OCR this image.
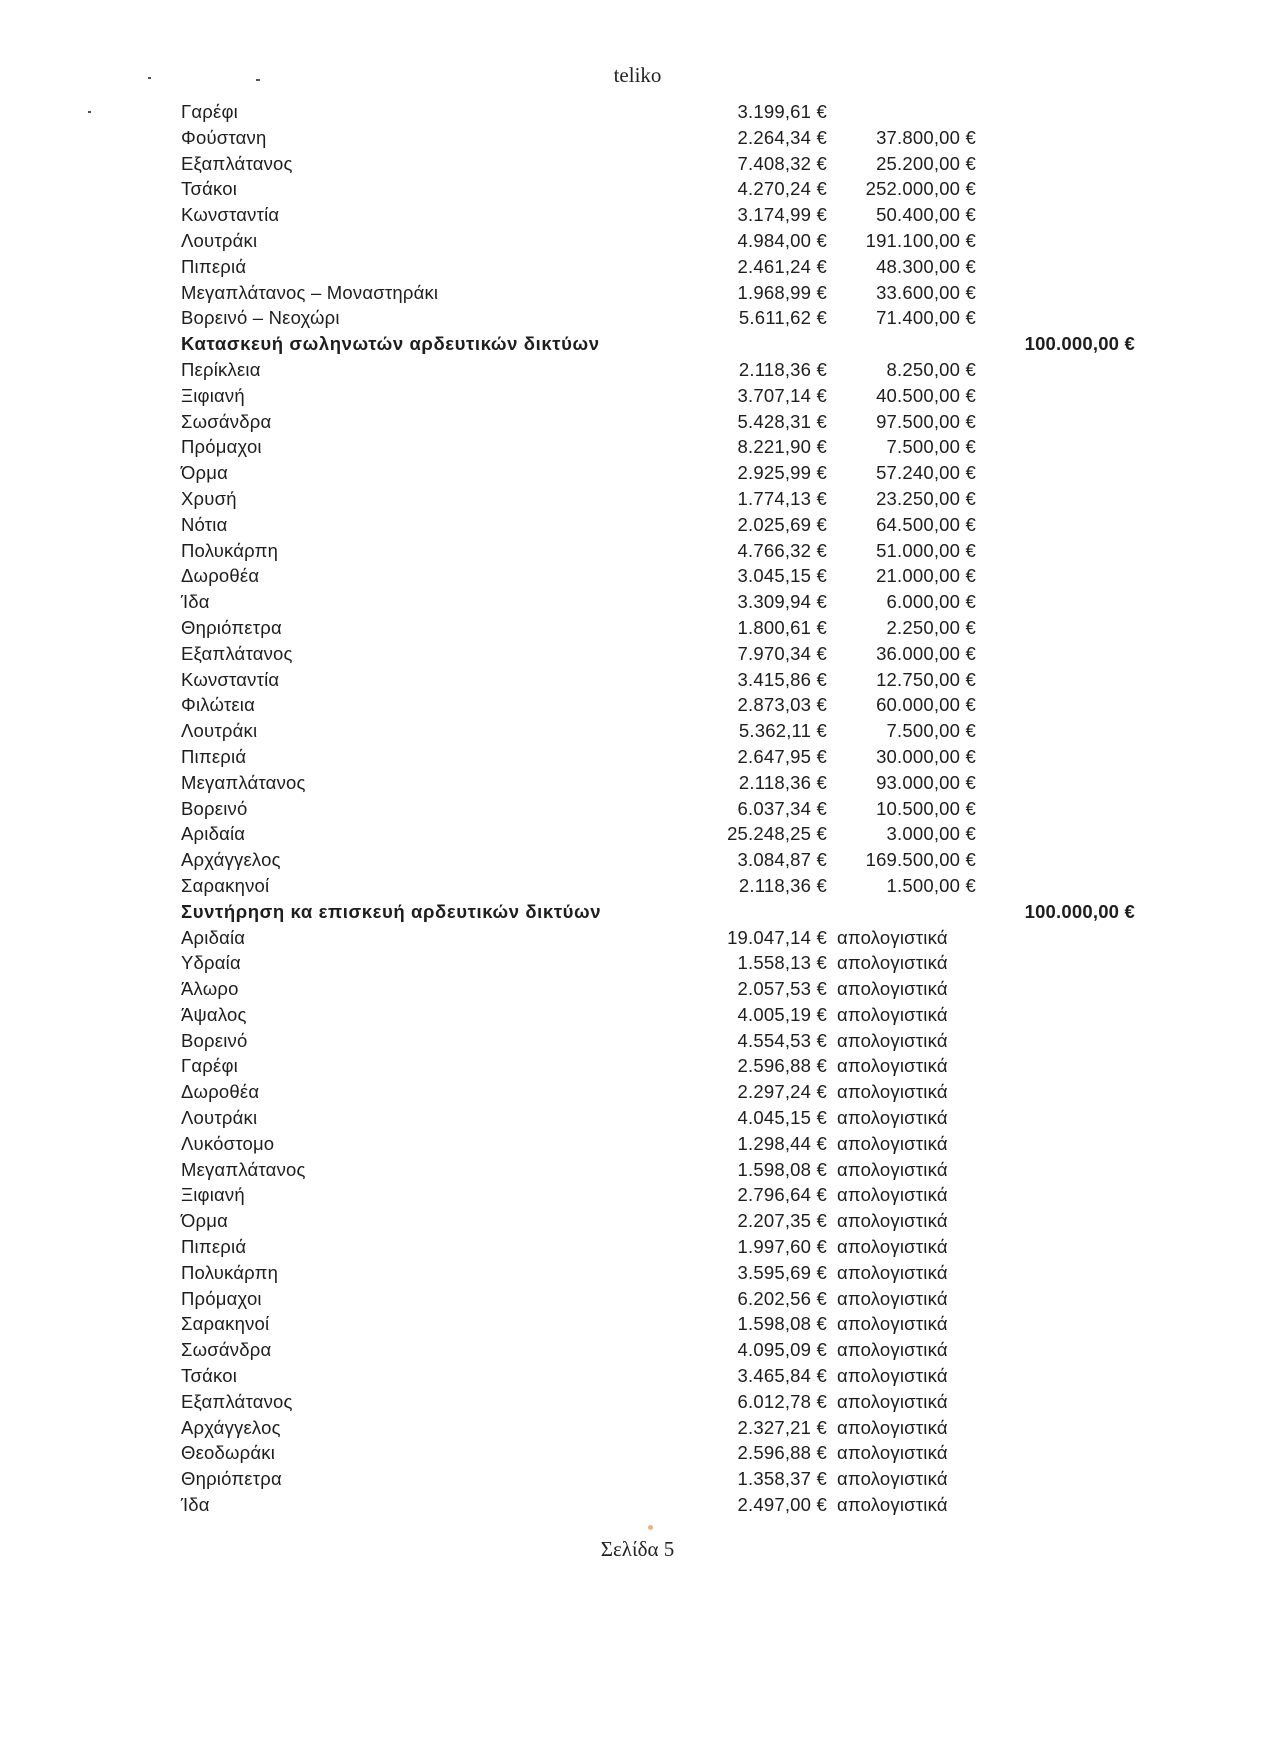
teliko
Γαρέφι	3.199,61 €
Φούστανη	2.264,34 €	37.800,00 €
Εξαπλάτανος	7.408,32 €	25.200,00 €
Τσάκοι	4.270,24 € 252.000,00 €
Κωνσταντία	3.174,99 €	50.400,00 €
Λουτράκι	4.984,00 € 191.100,00 €
Πιπεριά	2.461,24 €	48.300,00 €
Μεγαπλάτανος – Μοναστηράκι	1.968,99 €	33.600,00 €
Βορεινό – Νεοχώρι	5.611,62 €	71.400,00 €
Κατασκευή σωληνωτών αρδευτικών δικτύων	100.000,00 €
Περίκλεια	2.118,36 €	8.250,00 €
Ξιφιανή	3.707,14 €	40.500,00 €
Σωσάνδρα	5.428,31 €	97.500,00 €
Πρόμαχοι	8.221,90 €	7.500,00 €
Όρμα	2.925,99 €	57.240,00 €
Χρυσή	1.774,13 €	23.250,00 €
Νότια	2.025,69 €	64.500,00 €
Πολυκάρπη	4.766,32 €	51.000,00 €
Δωροθέα	3.045,15 €	21.000,00 €
Ίδα	3.309,94 €	6.000,00 €
Θηριόπετρα	1.800,61 €	2.250,00 €
Εξαπλάτανος	7.970,34 €	36.000,00 €
Κωνσταντία	3.415,86 €	12.750,00 €
Φιλώτεια	2.873,03 €	60.000,00 €
Λουτράκι	5.362,11 €	7.500,00 €
Πιπεριά	2.647,95 €	30.000,00 €
Μεγαπλάτανος	2.118,36 €	93.000,00 €
Βορεινό	6.037,34 €	10.500,00 €
Αριδαία	25.248,25 €	3.000,00 €
Αρχάγγελος	3.084,87 € 169.500,00 €
Σαρακηνοί	2.118,36 €	1.500,00 €
Συντήρηση κα επισκευή αρδευτικών δικτύων	100.000,00 €
Αριδαία	19.047,14 € απολογιστικά
Υδραία	1.558,13 € απολογιστικά
Άλωρο	2.057,53 € απολογιστικά
Άψαλος	4.005,19 € απολογιστικά
Βορεινό	4.554,53 € απολογιστικά
Γαρέφι	2.596,88 € απολογιστικά
Δωροθέα	2.297,24 € απολογιστικά
Λουτράκι	4.045,15 € απολογιστικά
Λυκόστομο	1.298,44 € απολογιστικά
Μεγαπλάτανος	1.598,08 € απολογιστικά
Ξιφιανή	2.796,64 € απολογιστικά
Όρμα	2.207,35 € απολογιστικά
Πιπεριά	1.997,60 € απολογιστικά
Πολυκάρπη	3.595,69 € απολογιστικά
Πρόμαχοι	6.202,56 € απολογιστικά
Σαρακηνοί	1.598,08 € απολογιστικά
Σωσάνδρα	4.095,09 € απολογιστικά
Τσάκοι	3.465,84 € απολογιστικά
Εξαπλάτανος	6.012,78 € απολογιστικά
Αρχάγγελος	2.327,21 € απολογιστικά
Θεοδωράκι	2.596,88 € απολογιστικά
Θηριόπετρα	1.358,37 € απολογιστικά
Ίδα	2.497,00 € απολογιστικά
Σελίδα 5
